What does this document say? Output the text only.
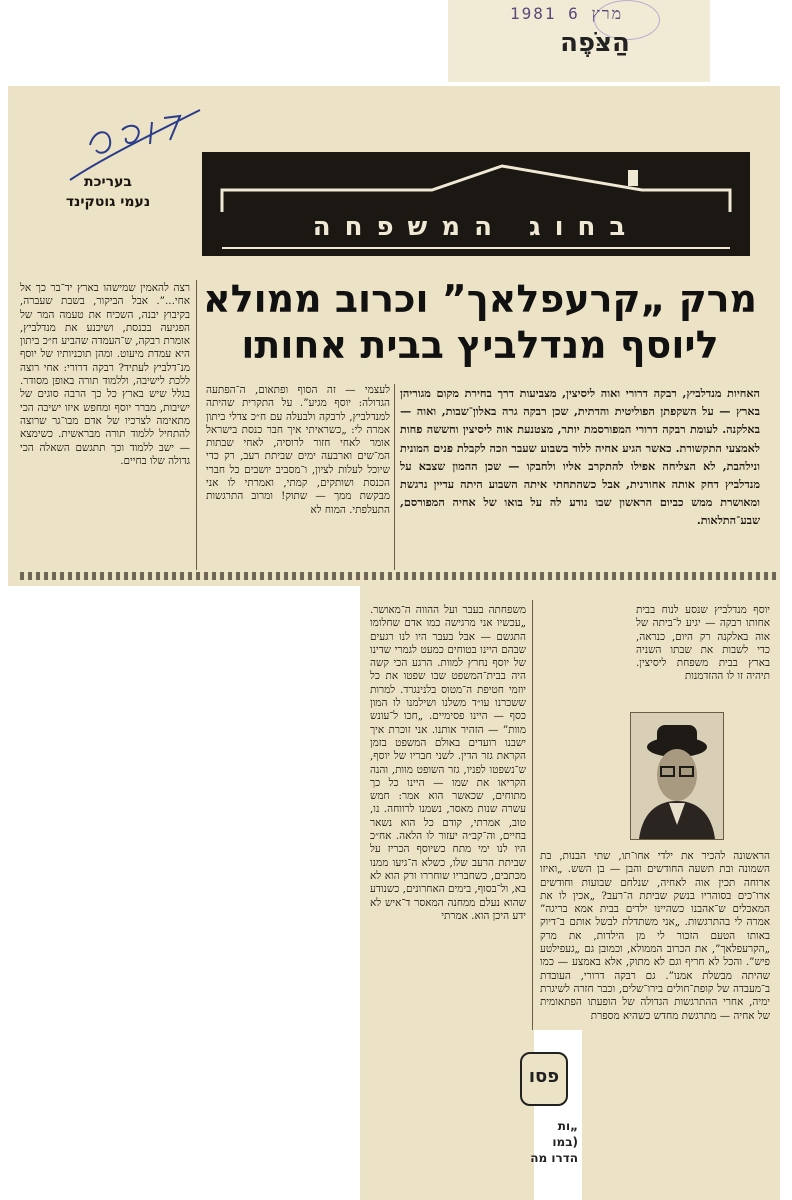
1981 6 מרץ
הַצֹּפֶה
בעריכת
נעמי גוטקינד
בחוג המשפחה
מרק „קרעפלאך” וכרוב ממולא
ליוסף מנדלביץ בבית אחותו
האחיות מנדלביץ, רבקה דרורי ואוה ליסיצין, מצביעות דרך בחירת מקום מגוריהן בארץ — על השקפתן הפוליטית והדתית, שכן רבקה גרה באלון־שבות, ואוה — באלקנה. לעומת רבקה דרורי המפורסמת יותר, מצטנעת אוה ליסיצין וחששה פחות לאמצעי התקשורת. כאשר הגיע אחיה ללוד בשבוע שעבר וזכה לקבלת פנים המונית ונילהבת, לא הצליחה אפילו להתקרב אליו ולחבקו — שכן ההמון שצבא על מנדלביץ דחק אותה אחורנית, אבל כשהתחתי איתה השבוע היתה עדיין נרגשת ומאושרת ממש כביום הראשון שבו נודע לה על בואו של אחיה המפורסם, שבע־התלאות.
לעצמי — זה הסוף ופתאום, ה־הפתעה הגדולה: יוסף מגיע”. על התקרית שהיתה למנדלביץ, לרבקה ולבעלה עם ח״כ צדלי ביתון אמרה לי: „כשראיתי איך חבר כנסת בישראל אומר לאחי חזור לרוסיה, לאחי שבתות המ־שים וארבעה ימים שביתת רעב, רק כדי שיוכל לעלות לציון, ו־מסביב יושבים כל חברי הכנסת ושותקים, קמתי, ואמרתי לו אני מבקשת ממך — שתוק! ומרוב התרגשות התעלפתי. המוח לא
רצה להאמין שמישהו בארץ יד־בר כך אל אחי...”. אבל הביקור, בשבת שעברה, בקיבוץ יבנה, השכיח את טעמה המר של הפגיעה בכנסת, ושיכנע את מנדלביץ, אומרת רבקה, ש־העמדה שהביע ח״כ ביתון היא עמדת מיעוט. ומהן תוכניותיו של יוסף מנ־דלביץ לעתיד? רבקה דרורי: אחי רוצה ללכת לישיבה, וללמוד תורה באופן מסודר. בגלל שיש בארץ כל כך הרבה סוגים של ישיבות, מברר יוסף ומחפש איזו ישיבה הכי מתאימה לצרכיו של אדם מבו־גר שרוצה להתחיל ללמוד תורה מבראשית. כשימצא — ישב ללמוד וכך תתגשם השאלה הכי גדולה שלו בחיים.
יוסף מנדלביץ שנסע לנוח בבית אחותו רבקה — יגיע ל־ביתה של אוה באלקנה רק היום, כנראה, כדי לשבות את שבתו השניה בארץ בבית משפחת ליסיצין. תיהיה זו לו ההזדמנות
הראשונה להכיר את ילדי אחו־תו, שתי הבנות, בת השמונה ובת תשעה החודשים והבן — בן השש. „ואיזו ארוחה תכין אוה לאחיה, שנלחם שבועות וחודשים ארו־כים בסוהריו בנשק שביתת ה־רעב? „אכין לו את המאכלים ש־אהבנו כשהיינו ילדים בבית אמא בריגה” אמרה לי בהתרגשות. „אני משתדלת לבשל אותם ב־דיוק באותו הטעם הזכור לי מן הילדות, את מרק „הקרעפלאך”, את הכרוב הממולא, וכמובן גם „געפילטע פיש”. והכל לא חריף וגם לא מתוק, אלא באמצע — כמו שהיתה מבשלת אמנו”. גם רבקה דרורי, העובדת ב־מעבדה של קופת־חולים בירו־שלים, וכבר חזרה לשיגרת ימיה, אחרי ההתרגשות הגדולה של הופעתו הפתאומית של אחיה — מתרגשת מחדש כשהיא מספרת
משפחתה בעבר ועל ההווה ה־מאושר. „עכשיו אני מרגישה כמו אדם שחלומו התגשם — אבל בעבר היו לנו רגעים שבהם היינו בטוחים כמעט לגמרי שדינו של יוסף נחרץ למוות. הרגע הכי קשה היה בבית־המשפט שבו שפטו את כל יוזמי חטיפת ה־מטוס בלנינגרד. למרות ששכרנו עו״ד משלנו ושילמנו לו המון כסף — היינו פסימיים. „חכו ל־עונש מוות” — הזהיר אותנו. אני זוכרת איך ישבנו רועדים באולם המשפט בזמן הקראת גזר הדין. לשני חבריו של יוסף, ש־נשפטו לפניו, גזר השופט מוות, והנה הקריאו את שמו — היינו כל כך מתוחים, שכאשר הוא אמר: חמש עשרה שנות מאסר, נשמנו לרווחה. נו, טוב, אמרתי, קודם כל הוא נשאר בחיים, וה־קב״ה יעזור לו הלאה. אח״כ היו לנו ימי מתח כשיוסף הכריז על שביתת הרעב שלו, כשלא ה־גיעו ממנו מכתבים, כשחבריו שוחררו ורק הוא לא בא, ול־בסוף, בימים האחרונים, כשנודע שהוא נעלם ממחנה המאסר ד־איש לא ידע היכן הוא. אמרתי
פסו
„ות (במו הדרו מה
